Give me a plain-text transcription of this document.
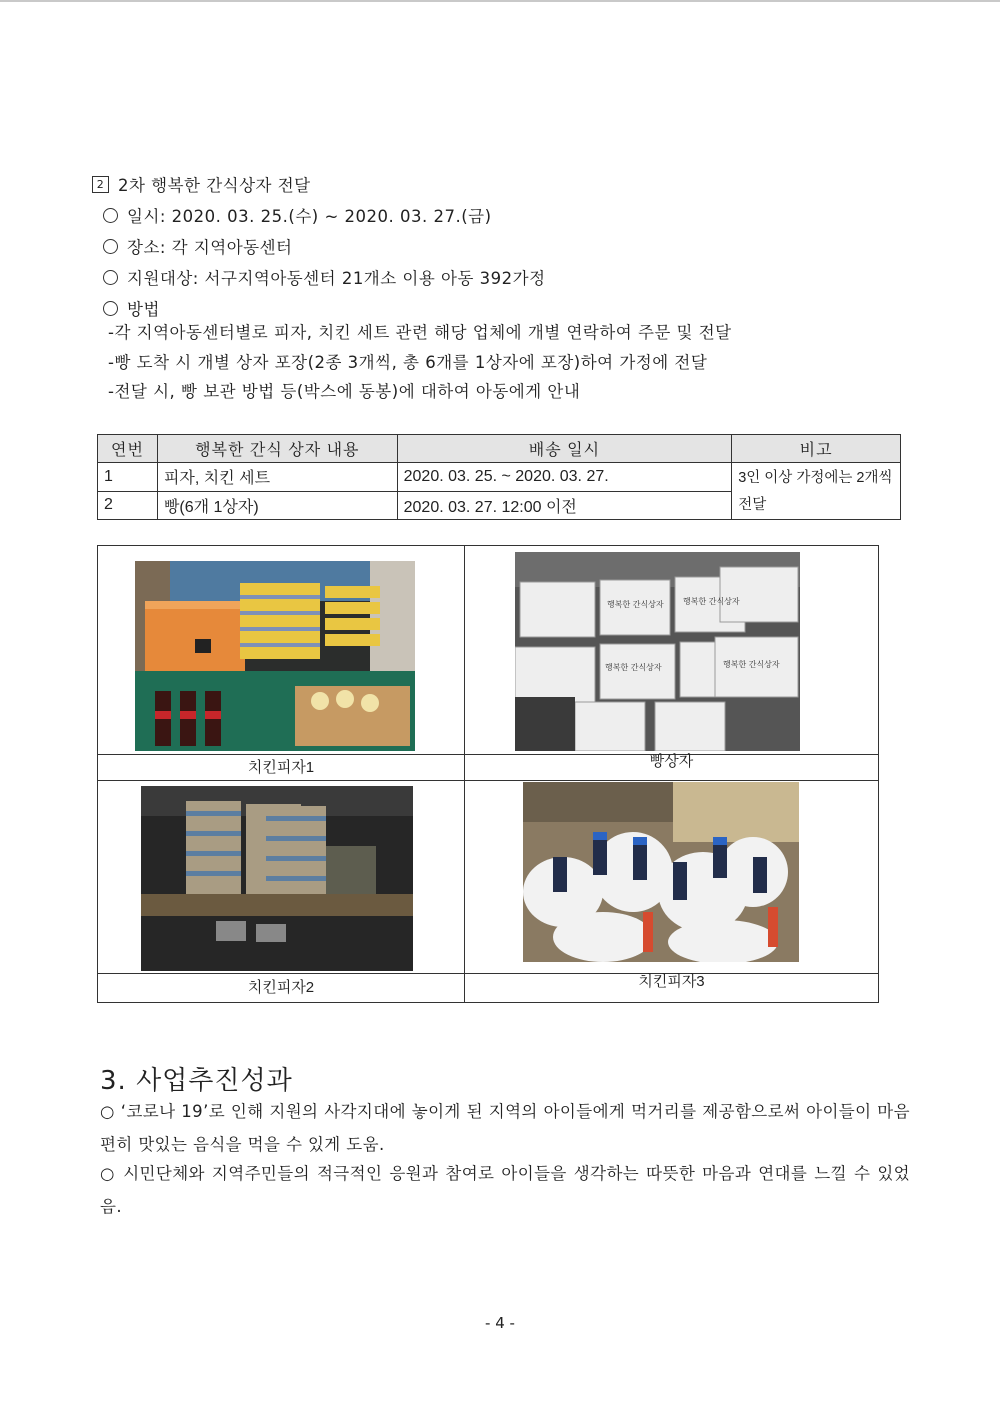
2 2차 행복한 간식상자 전달
일시: 2020. 03. 25.(수) ~ 2020. 03. 27.(금)
장소: 각 지역아동센터
지원대상: 서구지역아동센터 21개소 이용 아동 392가정
방법
-각 지역아동센터별로 피자, 치킨 세트 관련 해당 업체에 개별 연락하여 주문 및 전달
-빵 도착 시 개별 상자 포장(2종 3개씩, 총 6개를 1상자에 포장)하여 가정에 전달
-전달 시, 빵 보관 방법 등(박스에 동봉)에 대하여 아동에게 안내
연번	행복한 간식 상자 내용	배송 일시	비고
1	피자, 치킨 세트	2020. 03. 25. ~ 2020. 03. 27.	3인 이상 가정에는 2개씩 전달
2	빵(6개 1상자)	2020. 03. 27. 12:00 이전	
치킨피자1
행복한 간식상자 행복한 간식상자
행복한 간식상자	행복한 간식상자
빵상자
치킨피자2	치킨피자3
3. 사업추진성과
○ ‘코로나 19’로 인해 지원의 사각지대에 놓이게 된 지역의 아이들에게 먹거리를 제공함으로써 아이들이 마음 편히 맛있는 음식을 먹을 수 있게 도움.
○ 시민단체와 지역주민들의 적극적인 응원과 참여로 아이들을 생각하는 따뜻한 마음과 연대를 느낄 수 있었음.
- 4 -
